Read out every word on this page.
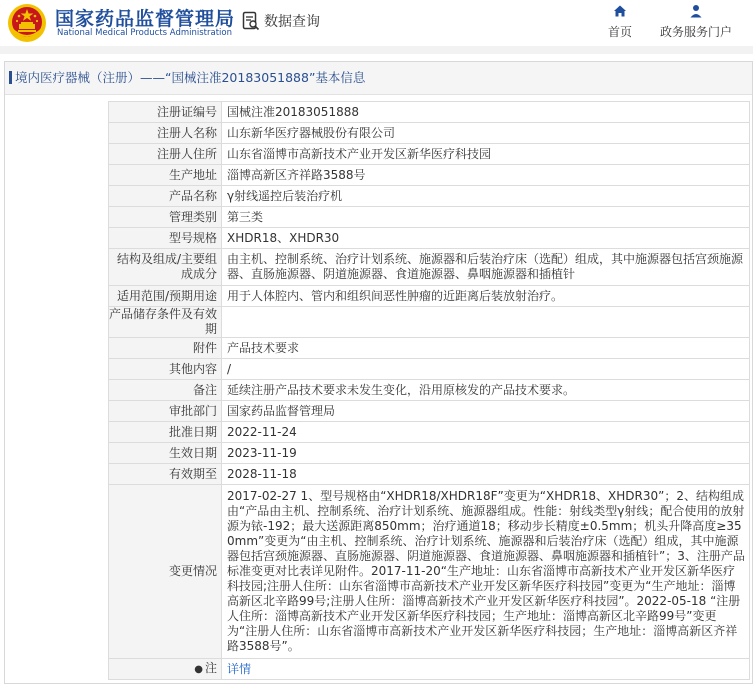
国家药品监督管理局
National Medical Products Administration
数据查询
首页	政务服务门户
境内医疗器械（注册）——“国械注准20183051888”基本信息
注册证编号	国械注准20183051888
注册人名称	山东新华医疗器械股份有限公司
注册人住所	山东省淄博市高新技术产业开发区新华医疗科技园
生产地址	淄博高新区齐祥路3588号
产品名称	γ射线遥控后装治疗机
管理类别	第三类
型号规格	XHDR18、XHDR30
结构及组成/主要组成成分	由主机、控制系统、治疗计划系统、施源器和后装治疗床（选配）组成，其中施源器包括宫颈施源器、直肠施源器、阴道施源器、食道施源器、鼻咽施源器和插植针
适用范围/预期用途	用于人体腔内、管内和组织间恶性肿瘤的近距离后装放射治疗。
产品储存条件及有效期	
附件	产品技术要求
其他内容	/
备注	延续注册产品技术要求未发生变化，沿用原核发的产品技术要求。
审批部门	国家药品监督管理局
批准日期	2022-11-24
生效日期	2023-11-19
有效期至	2028-11-18
变更情况	2017-02-27 1、型号规格由“XHDR18/XHDR18F”变更为“XHDR18、XHDR30”；2、结构组成由“产品由主机、控制系统、治疗计划系统、施源器组成。性能：射线类型γ射线；配合使用的放射源为铱-192；最大送源距离850mm；治疗通道18；移动步长精度±0.5mm；机头升降高度≥350mm”变更为“由主机、控制系统、治疗计划系统、施源器和后装治疗床（选配）组成，其中施源器包括宫颈施源器、直肠施源器、阴道施源器、食道施源器、鼻咽施源器和插植针”；3、注册产品标准变更对比表详见附件。2017-11-20“生产地址：山东省淄博市高新技术产业开发区新华医疗科技园;注册人住所：山东省淄博市高新技术产业开发区新华医疗科技园”变更为“生产地址：淄博高新区北辛路99号;注册人住所：淄博高新技术产业开发区新华医疗科技园”。2022-05-18 “注册人住所：淄博高新技术产业开发区新华医疗科技园；生产地址：淄博高新区北辛路99号”变更为“注册人住所：山东省淄博市高新技术产业开发区新华医疗科技园；生产地址：淄博高新区齐祥路3588号”。
● 注	详情
